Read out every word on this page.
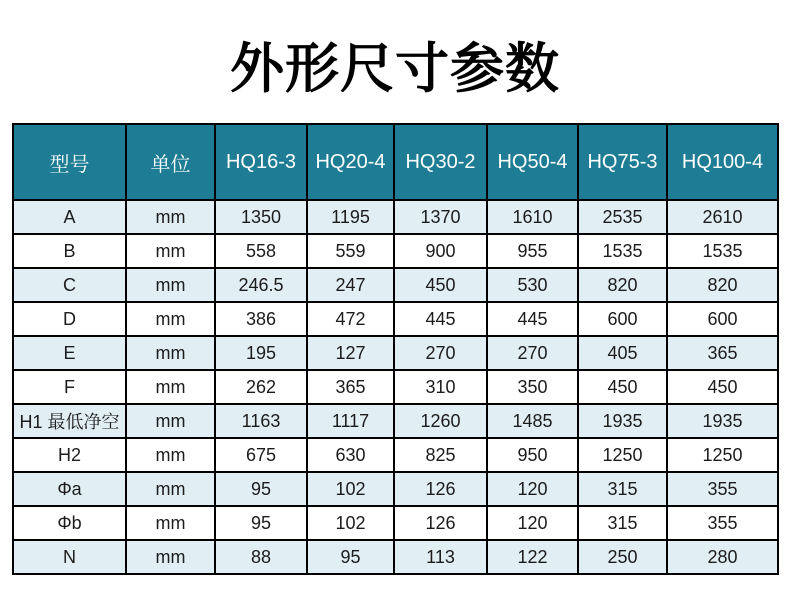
外形尺寸参数
型号	单位	HQ16-3	HQ20-4	HQ30-2	HQ50-4	HQ75-3	HQ100-4
A	mm	1350	1195	1370	1610	2535	2610
B	mm	558	559	900	955	1535	1535
C	mm	246.5	247	450	530	820	820
D	mm	386	472	445	445	600	600
E	mm	195	127	270	270	405	365
F	mm	262	365	310	350	450	450
H1 最低净空	mm	1163	1117	1260	1485	1935	1935
H2	mm	675	630	825	950	1250	1250
Φa	mm	95	102	126	120	315	355
Φb	mm	95	102	126	120	315	355
N	mm	88	95	113	122	250	280
